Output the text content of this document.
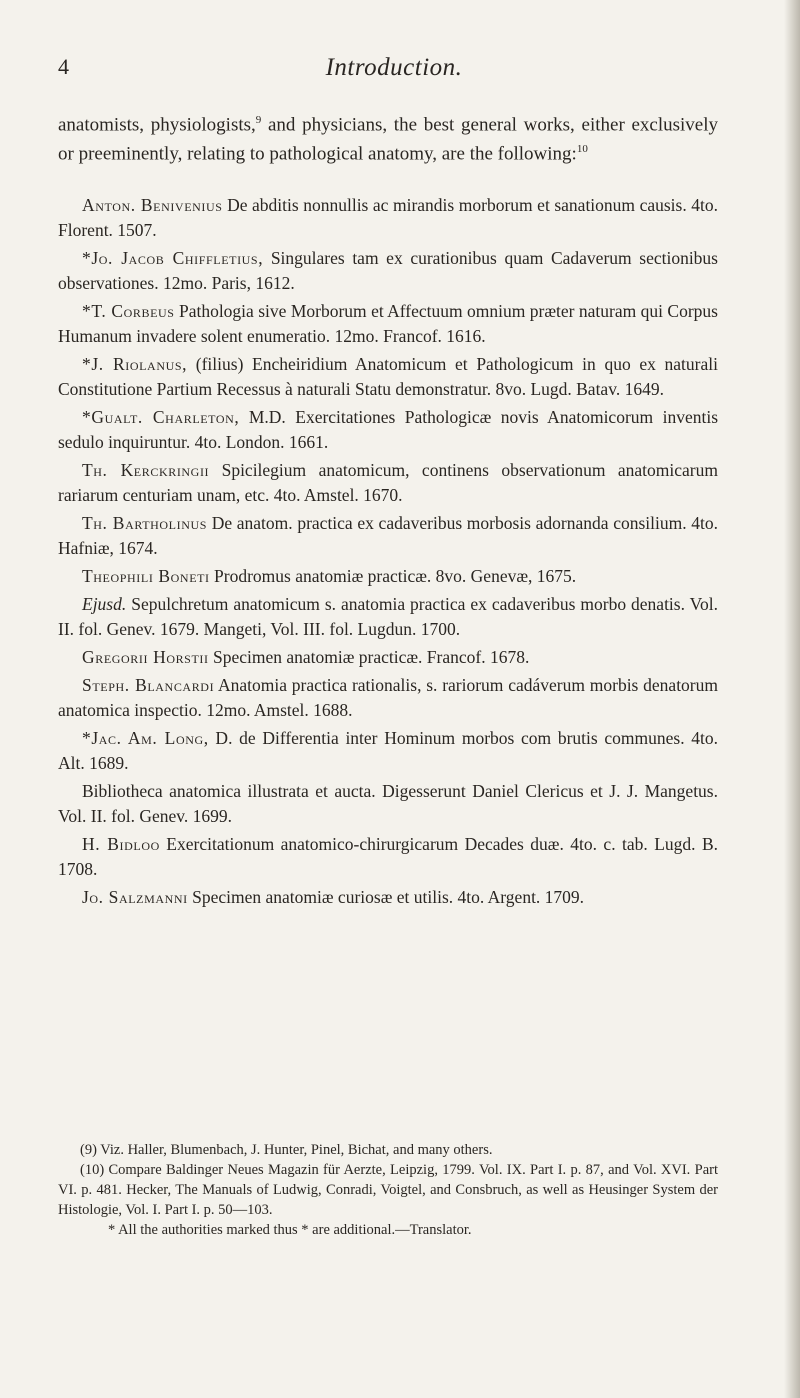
4	Introduction.

anatomists, physiologists,$^9$ and physicians, the best general works, either exclusively or preeminently, relating to pathological anatomy, are the following:$^{10}$

Anton. Benivenius De abditis nonnullis ac mirandis morborum et sanationum causis. 4to. Florent. 1507.

*Jo. Jacob Chiffletius, Singulares tam ex curationibus quam Cadaverum sectionibus observationes. 12mo. Paris, 1612.

*T. Corbeus Pathologia sive Morborum et Affectuum omnium præter naturam qui Corpus Humanum invadere solent enumeratio. 12mo. Francof. 1616.

*J. Riolanus, (filius) Encheiridium Anatomicum et Pathologicum in quo ex naturali Constitutione Partium Recessus à naturali Statu demonstratur. 8vo. Lugd. Batav. 1649.

*Gualt. Charleton, M.D. Exercitationes Pathologicæ novis Anatomicorum inventis sedulo inquiruntur. 4to. London. 1661.

Th. Kerckringii Spicilegium anatomicum, continens observationum anatomicarum rariarum centuriam unam, etc. 4to. Amstel. 1670.

Th. Bartholinus De anatom. practica ex cadaveribus morbosis adornanda consilium. 4to. Hafniæ, 1674.

Theophili Boneti Prodromus anatomiæ practicæ. 8vo. Genevæ, 1675.

Ejusd. Sepulchretum anatomicum s. anatomia practica ex cadaveribus morbo denatis. Vol. II. fol. Genev. 1679. Mangeti, Vol. III. fol. Lugdun. 1700.

Gregorii Horstii Specimen anatomiæ practicæ. Francof. 1678.

Steph. Blancardi Anatomia practica rationalis, s. rariorum cadáverum morbis denatorum anatomica inspectio. 12mo. Amstel. 1688.

*Jac. Am. Long, D. de Differentia inter Hominum morbos com brutis communes. 4to. Alt. 1689.

Bibliotheca anatomica illustrata et aucta. Digesserunt Daniel Clericus et J. J. Mangetus. Vol. II. fol. Genev. 1699.

H. Bidloo Exercitationum anatomico-chirurgicarum Decades duæ. 4to. c. tab. Lugd. B. 1708.

Jo. Salzmanni Specimen anatomiæ curiosæ et utilis. 4to. Argent. 1709.

(9) Viz. Haller, Blumenbach, J. Hunter, Pinel, Bichat, and many others.

(10) Compare Baldinger Neues Magazin für Aerzte, Leipzig, 1799. Vol. IX. Part I. p. 87, and Vol. XVI. Part VI. p. 481. Hecker, The Manuals of Ludwig, Conradi, Voigtel, and Consbruch, as well as Heusinger System der Histologie, Vol. I. Part I. p. 50—103.

* All the authorities marked thus * are additional.—Translator.
